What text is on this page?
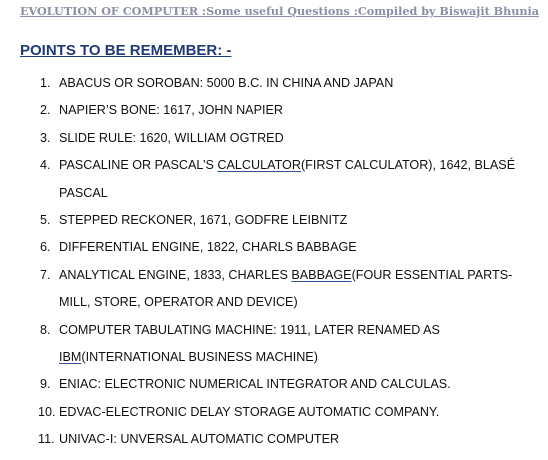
EVOLUTION OF COMPUTER :Some useful Questions :Compiled by Biswajit Bhunia
POINTS TO BE REMEMBER: -
1. ABACUS OR SOROBAN: 5000 B.C. IN CHINA AND JAPAN
2. NAPIER’S BONE: 1617, JOHN NAPIER
3. SLIDE RULE: 1620, WILLIAM OGTRED
4. PASCALINE OR PASCAL’S CALCULATOR(FIRST CALCULATOR), 1642, BLASÉ PASCAL
5. STEPPED RECKONER, 1671, GODFRE LEIBNITZ
6. DIFFERENTIAL ENGINE, 1822, CHARLS BABBAGE
7. ANALYTICAL ENGINE, 1833, CHARLES BABBAGE(FOUR ESSENTIAL PARTS-MILL, STORE, OPERATOR AND DEVICE)
8. COMPUTER TABULATING MACHINE: 1911, LATER RENAMED AS IBM(INTERNATIONAL BUSINESS MACHINE)
9. ENIAC: ELECTRONIC NUMERICAL INTEGRATOR AND CALCULAS.
10. EDVAC-ELECTRONIC DELAY STORAGE AUTOMATIC COMPANY.
11. UNIVAC-I: UNVERSAL AUTOMATIC COMPUTER
